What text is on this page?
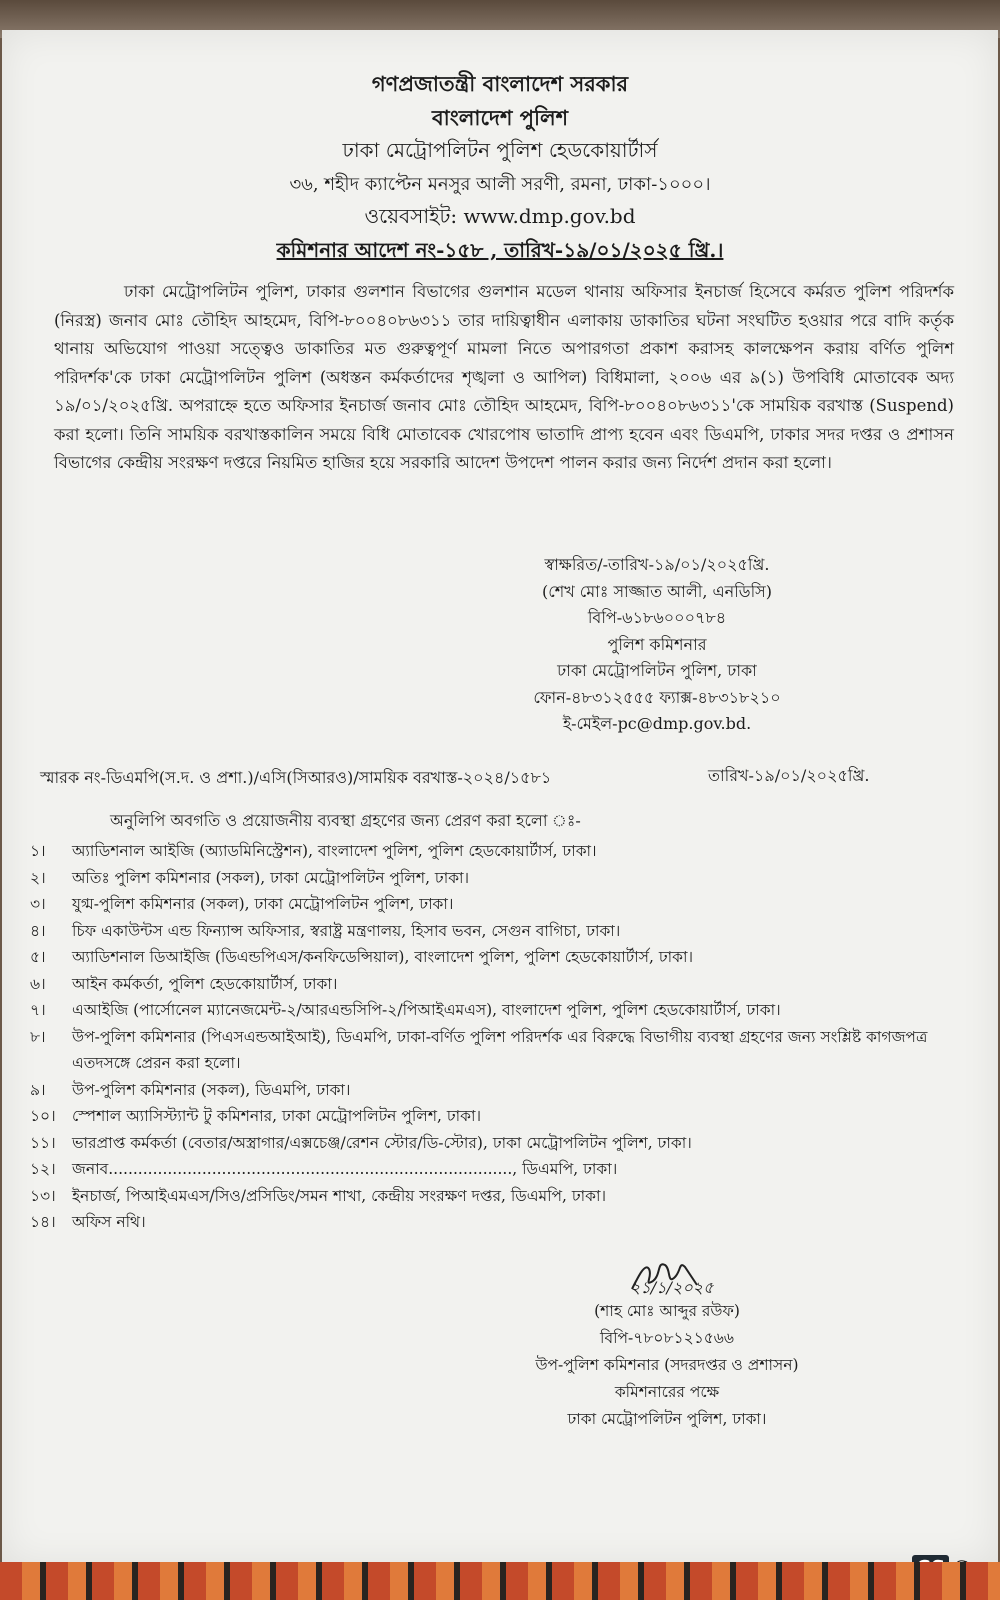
গণপ্রজাতন্ত্রী বাংলাদেশ সরকার
বাংলাদেশ পুলিশ
ঢাকা মেট্রোপলিটন পুলিশ হেডকোয়ার্টার্স
৩৬, শহীদ ক্যাপ্টেন মনসুর আলী সরণী, রমনা, ঢাকা-১০০০।
ওয়েবসাইট: www.dmp.gov.bd
কমিশনার আদেশ নং-১৫৮ , তারিখ-১৯/০১/২০২৫ খ্রি.।
ঢাকা মেট্রোপলিটন পুলিশ, ঢাকার গুলশান বিভাগের গুলশান মডেল থানায় অফিসার ইনচার্জ হিসেবে কর্মরত পুলিশ পরিদর্শক (নিরস্ত্র) জনাব মোঃ তৌহিদ আহমেদ, বিপি-৮০০৪০৮৬৩১১ তার দায়িত্বাধীন এলাকায় ডাকাতির ঘটনা সংঘটিত হওয়ার পরে বাদি কর্তৃক থানায় অভিযোগ পাওয়া সত্ত্বেও ডাকাতির মত গুরুত্বপূর্ণ মামলা নিতে অপারগতা প্রকাশ করাসহ কালক্ষেপন করায় বর্ণিত পুলিশ পরিদর্শক'কে ঢাকা মেট্রোপলিটন পুলিশ (অধস্তন কর্মকর্তাদের শৃঙ্খলা ও আপিল) বিধিমালা, ২০০৬ এর ৯(১) উপবিধি মোতাবেক অদ্য ১৯/০১/২০২৫খ্রি. অপরাহ্নে হতে অফিসার ইনচার্জ জনাব মোঃ তৌহিদ আহমেদ, বিপি-৮০০৪০৮৬৩১১'কে সাময়িক বরখাস্ত (Suspend) করা হলো। তিনি সাময়িক বরখাস্তকালিন সময়ে বিধি মোতাবেক খোরপোষ ভাতাদি প্রাপ্য হবেন এবং ডিএমপি, ঢাকার সদর দপ্তর ও প্রশাসন বিভাগের কেন্দ্রীয় সংরক্ষণ দপ্তরে নিয়মিত হাজির হয়ে সরকারি আদেশ উপদেশ পালন করার জন্য নির্দেশ প্রদান করা হলো।
স্বাক্ষরিত/-তারিখ-১৯/০১/২০২৫খ্রি.
(শেখ মোঃ সাজ্জাত আলী, এনডিসি)
বিপি-৬১৮৬০০০৭৮৪
পুলিশ কমিশনার
ঢাকা মেট্রোপলিটন পুলিশ, ঢাকা
ফোন-৪৮৩১২৫৫৫ ফ্যাক্স-৪৮৩১৮২১০
ই-মেইল-pc@dmp.gov.bd.
স্মারক নং-ডিএমপি(স.দ. ও প্রশা.)/এসি(সিআরও)/সাময়িক বরখাস্ত-২০২৪/১৫৮১	তারিখ-১৯/০১/২০২৫খ্রি.
অনুলিপি অবগতি ও প্রয়োজনীয় ব্যবস্থা গ্রহণের জন্য প্রেরণ করা হলো ঃ-
১।	অ্যাডিশনাল আইজি (অ্যাডমিনিস্ট্রেশন), বাংলাদেশ পুলিশ, পুলিশ হেডকোয়ার্টার্স, ঢাকা।
২।	অতিঃ পুলিশ কমিশনার (সকল), ঢাকা মেট্রোপলিটন পুলিশ, ঢাকা।
৩।	যুগ্ম-পুলিশ কমিশনার (সকল), ঢাকা মেট্রোপলিটন পুলিশ, ঢাকা।
৪।	চিফ একাউন্টস এন্ড ফিন্যান্স অফিসার, স্বরাষ্ট্র মন্ত্রণালয়, হিসাব ভবন, সেগুন বাগিচা, ঢাকা।
৫।	অ্যাডিশনাল ডিআইজি (ডিএন্ডপিএস/কনফিডেন্সিয়াল), বাংলাদেশ পুলিশ, পুলিশ হেডকোয়ার্টার্স, ঢাকা।
৬।	আইন কর্মকর্তা, পুলিশ হেডকোয়ার্টার্স, ঢাকা।
৭।	এআইজি (পার্সোনেল ম্যানেজমেন্ট-২/আরএন্ডসিপি-২/পিআইএমএস), বাংলাদেশ পুলিশ, পুলিশ হেডকোয়ার্টার্স, ঢাকা।
৮।	উপ-পুলিশ কমিশনার (পিএসএন্ডআইআই), ডিএমপি, ঢাকা-বর্ণিত পুলিশ পরিদর্শক এর বিরুদ্ধে বিভাগীয় ব্যবস্থা গ্রহণের জন্য সংশ্লিষ্ট কাগজপত্র এতদসঙ্গে প্রেরন করা হলো।
৯।	উপ-পুলিশ কমিশনার (সকল), ডিএমপি, ঢাকা।
১০।	স্পেশাল অ্যাসিস্ট্যান্ট টু কমিশনার, ঢাকা মেট্রোপলিটন পুলিশ, ঢাকা।
১১।	ভারপ্রাপ্ত কর্মকর্তা (বেতার/অস্ত্রাগার/এক্সচেঞ্জ/রেশন স্টোর/ডি-স্টোর), ঢাকা মেট্রোপলিটন পুলিশ, ঢাকা।
১২।	জনাব.................................................................................., ডিএমপি, ঢাকা।
১৩।	ইনচার্জ, পিআইএমএস/সিও/প্রসিডিং/সমন শাখা, কেন্দ্রীয় সংরক্ষণ দপ্তর, ডিএমপি, ঢাকা।
১৪।	অফিস নথি।
২১/১/২০২৫
(শাহ মোঃ আব্দুর রউফ)
বিপি-৭৮০৮১২১৫৬৬
উপ-পুলিশ কমিশনার (সদরদপ্তর ও প্রশাসন)
কমিশনারের পক্ষে
ঢাকা মেট্রোপলিটন পুলিশ, ঢাকা।
